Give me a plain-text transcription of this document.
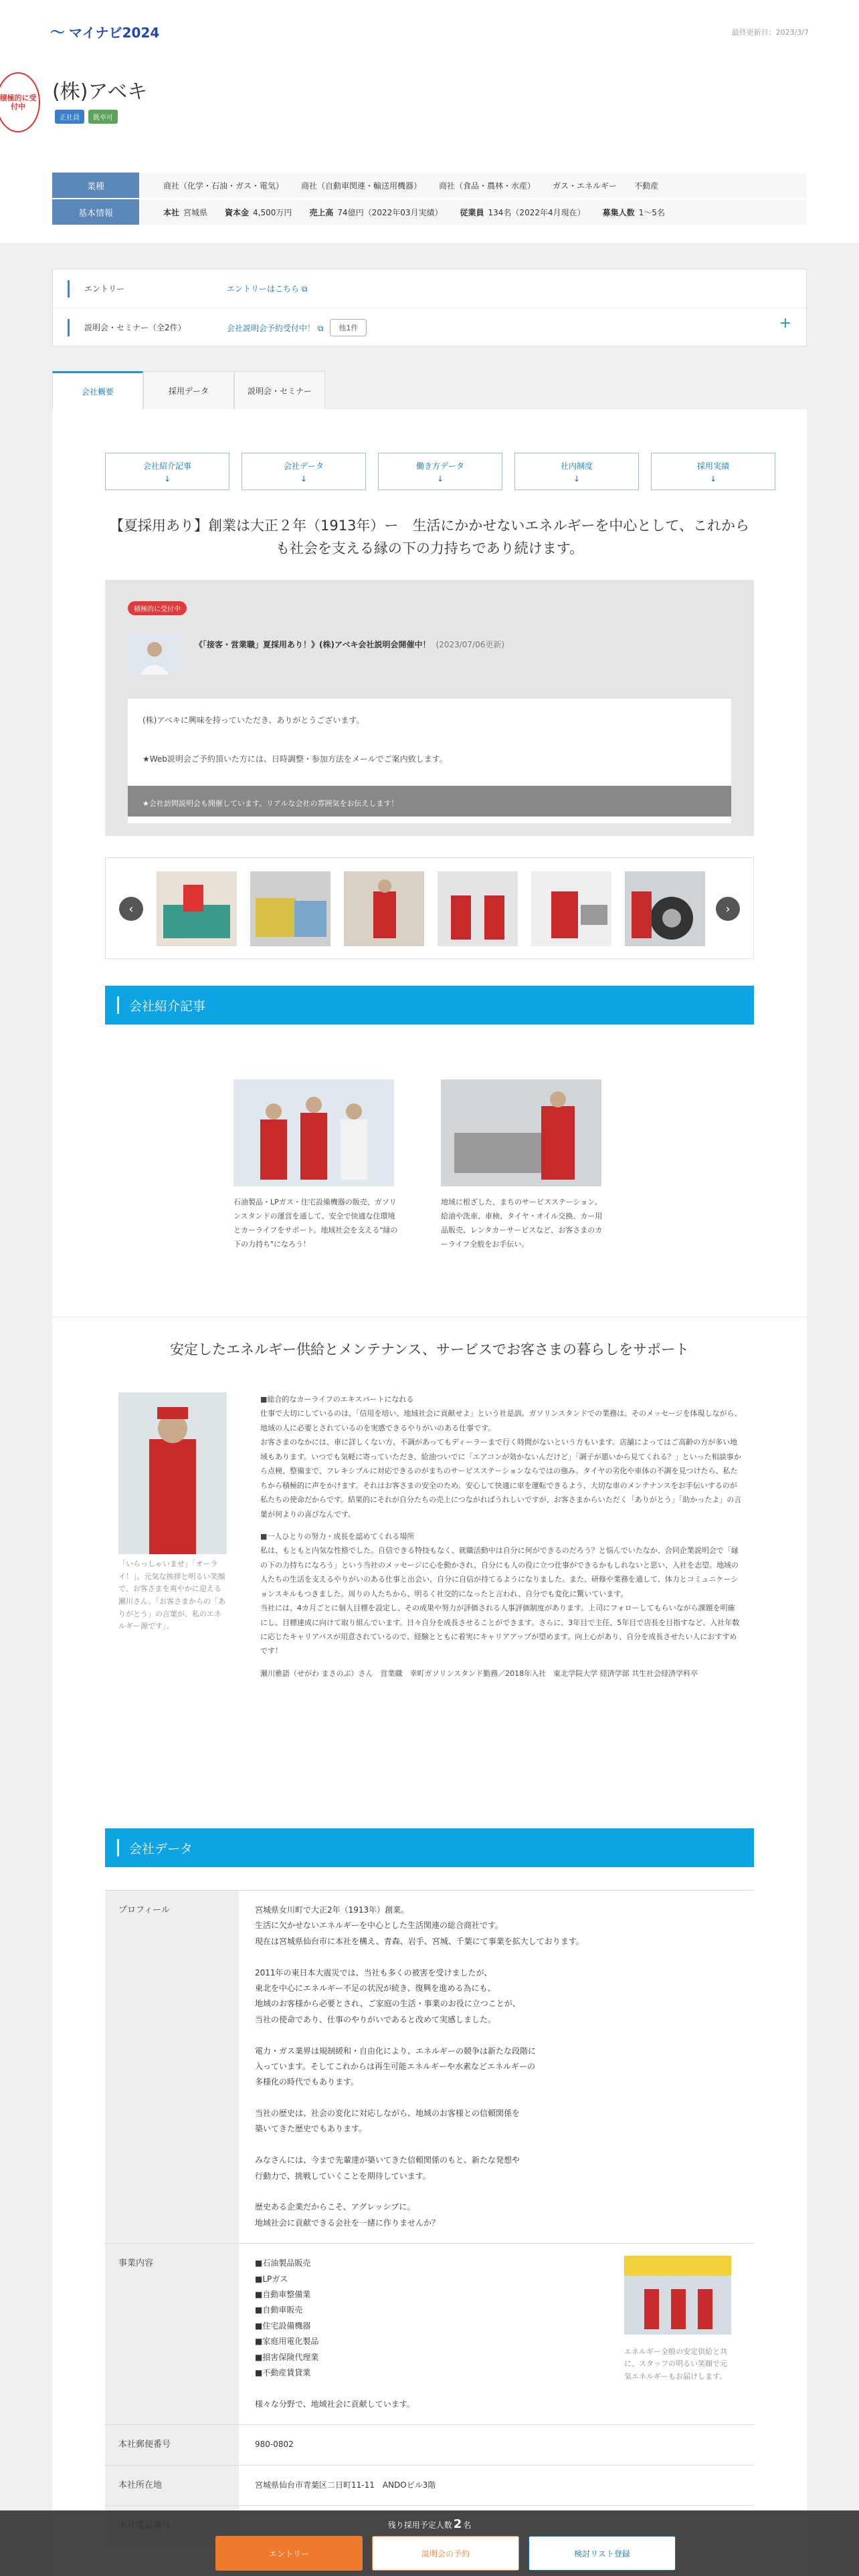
〜 マイナビ2024	最終更新日：2023/3/7
積極的に受付中
(株)アベキ
正社員	既卒可
業種	商社（化学・石油・ガス・電気） 商社（自動車関連・輸送用機器） 商社（食品・農林・水産） ガス・エネルギー 不動産
基本情報	本社 宮城県 資本金 4,500万円 売上高 74億円（2022年03月実績） 従業員 134名（2022年4月現在） 募集人数 1〜5名
エントリー	エントリーはこちら ⧉
説明会・セミナー（全2件）	会社説明会予約受付中！ ⧉	他1件	+
会社概要	採用データ	説明会・セミナー
会社紹介記事
↓
会社データ
↓
働き方データ
↓
社内制度
↓
採用実績
↓
【夏採用あり】創業は大正２年（1913年）ー　生活にかかせないエネルギーを中心として、これからも社会を支える縁の下の力持ちであり続けます。
積極的に受付中
《「接客・営業職」夏採用あり！》(株)アベキ会社説明会開催中！ (2023/07/06更新)
(株)アベキに興味を持っていただき、ありがとうございます。

★Web説明会ご予約頂いた方には、日時調整・参加方法をメールでご案内致します。
★会社訪問説明会も開催しています。リアルな会社の雰囲気をお伝えします！
‹	›
会社紹介記事

石油製品・LPガス・住宅設備機器の販売、ガソリンスタンドの運営を通して、安全で快適な住環境とカーライフをサポート。地域社会を支える"縁の下の力持ち"になろう！

地域に根ざした、まちのサービスステーション。給油や洗車、車検、タイヤ・オイル交換、カー用品販売、レンタカーサービスなど、お客さまのカーライフ全般をお手伝い。

安定したエネルギー供給とメンテナンス、サービスでお客さまの暮らしをサポート
「いらっしゃいませ」「オーライ！」。元気な挨拶と明るい笑顔で、お客さまを爽やかに迎える瀬川さん。「お客さまからの「ありがとう」の言葉が、私のエネルギー源です」。
■総合的なカーライフのエキスパートになれる
仕事で大切にしているのは、「信用を培い、地域社会に貢献せよ」という社是訓。ガソリンスタンドでの業務は、そのメッセージを体現しながら、地域の人に必要とされているのを実感できるやりがいのある仕事です。
お客さまのなかには、車に詳しくない方、不調があってもディーラーまで行く時間がないという方もいます。店舗によってはご高齢の方が多い地域もあります。いつでも気軽に寄っていただき、給油ついでに「エアコンが効かないんだけど」「調子が悪いから見てくれる？」といった相談事から点検、整備まで、フレキシブルに対応できるのがまちのサービスステーションならではの強み。タイヤの劣化や車体の不調を見つけたら、私たちから積極的に声をかけます。それはお客さまの安全のため。安心して快適に車を運転できるよう、大切な車のメンテナンスをお手伝いするのが私たちの使命だからです。結果的にそれが自分たちの売上につながればうれしいですが、お客さまからいただく「ありがとう」「助かったよ」の言葉が何よりの喜びなんです。
■一人ひとりの努力・成長を認めてくれる場所
私は、もともと内気な性格でした。自信できる特技もなく、就職活動中は自分に何ができるのだろう？と悩んでいたなか、合同企業説明会で「縁の下の力持ちになろう」という当社のメッセージに心を動かされ、自分にも人の役に立つ仕事ができるかもしれないと思い、入社を志望。地域の人たちの生活を支えるやりがいのある仕事と出会い、自分に自信が持てるようになりました。また、研修や業務を通して、体力とコミュニケーションスキルもつきました。周りの人たちから、明るく社交的になったと言われ、自分でも変化に驚いています。
当社には、4カ月ごとに個人目標を設定し、その成果や努力が評価される人事評価制度があります。上司にフォローしてもらいながら課題を明確にし、目標達成に向けて取り組んでいます。日々自分を成長させることができます。さらに、3年目で主任、5年目で店長を目指すなど、入社年数に応じたキャリアパスが用意されているので、経験とともに着実にキャリアアップが望めます。向上心があり、自分を成長させたい人におすすめです！
瀬川雅語（せがわ まさのぶ）さん　営業職　幸町ガソリンスタンド勤務／2018年入社　東北学院大学 経済学部 共生社会経済学科卒
会社データ
プロフィール	宮城県女川町で大正2年（1913年）創業。
生活に欠かせないエネルギーを中心とした生活関連の総合商社です。
現在は宮城県仙台市に本社を構え、青森、岩手、宮城、千葉にて事業を拡大しております。

2011年の東日本大震災では、当社も多くの被害を受けましたが、
東北を中心にエネルギー不足の状況が続き、復興を進める為にも、
地域のお客様から必要とされ、ご家庭の生活・事業のお役に立つことが、
当社の使命であり、仕事のやりがいであると改めて実感しました。

電力・ガス業界は規制緩和・自由化により、エネルギーの競争は新たな段階に
入っています。そしてこれからは再生可能エネルギーや水素などエネルギーの
多様化の時代でもあります。

当社の歴史は、社会の変化に対応しながら、地域のお客様との信頼関係を
築いてきた歴史でもあります。

みなさんには、今まで先輩達が築いてきた信頼関係のもと、新たな発想や
行動力で、挑戦していくことを期待しています。

歴史ある企業だからこそ、アグレッシブに。
地域社会に貢献できる会社を一緒に作りませんか？
事業内容	■石油製品販売
■LPガス
■自動車整備業
■自動車販売
■住宅設備機器
■家庭用電化製品
■損害保険代理業
■不動産賃貸業

様々な分野で、地域社会に貢献しています。

エネルギー全般の安定供給と共に、スタッフの明るい笑顔で元気エネルギーもお届けします。

本社郵便番号	980-0802
本社所在地	宮城県仙台市青葉区二日町11-11　ANDOビル3階
残り採用予定人数 2 名
エントリー	説明会の予約	検討リスト登録
